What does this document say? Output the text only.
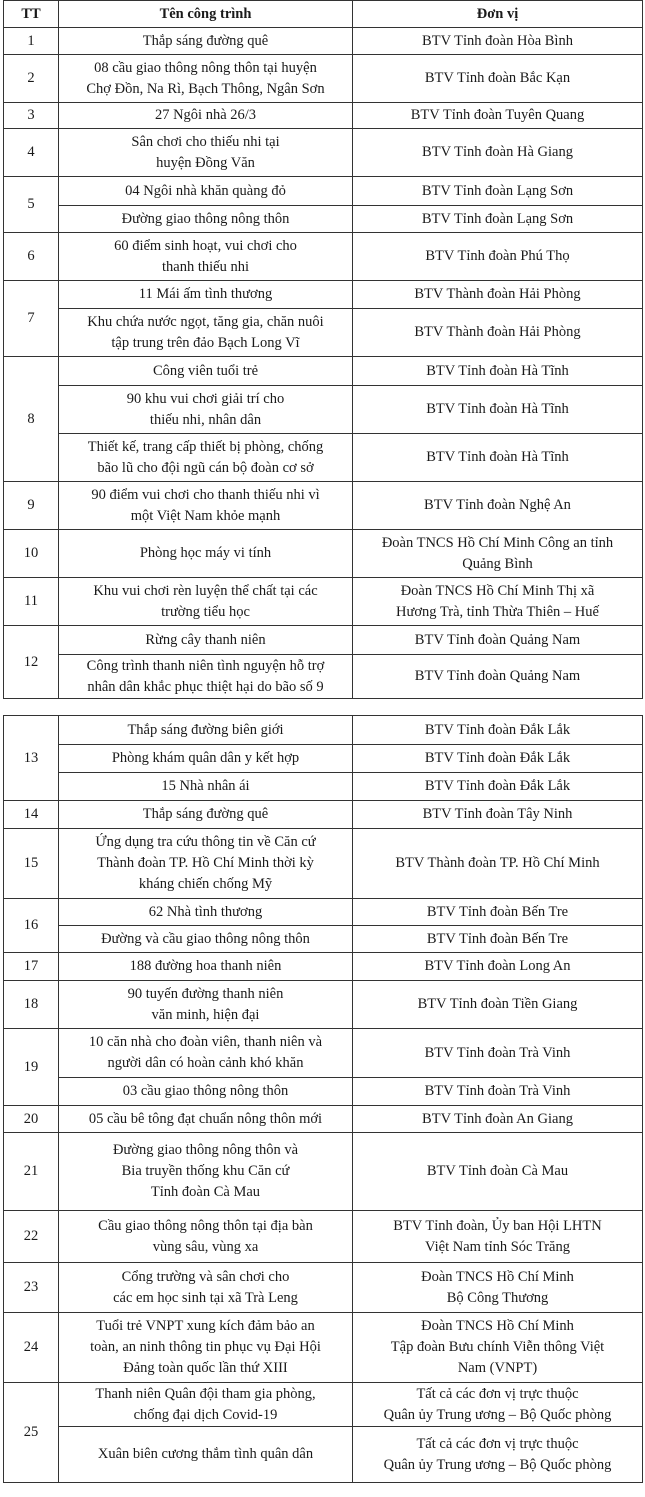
TT	Tên công trình	Đơn vị
1	Thắp sáng đường quê	BTV Tỉnh đoàn Hòa Bình

2	08 cầu giao thông nông thôn tại huyện
Chợ Đồn, Na Rì, Bạch Thông, Ngân Sơn	BTV Tỉnh đoàn Bắc Kạn

3	27 Ngôi nhà 26/3	BTV Tỉnh đoàn Tuyên Quang

4	Sân chơi cho thiếu nhi tại
huyện Đồng Văn	BTV Tỉnh đoàn Hà Giang

5	04 Ngôi nhà khăn quàng đỏ	BTV Tỉnh đoàn Lạng Sơn

	Đường giao thông nông thôn	BTV Tỉnh đoàn Lạng Sơn

6	60 điểm sinh hoạt, vui chơi cho
thanh thiếu nhi	BTV Tỉnh đoàn Phú Thọ

7	11 Mái ấm tình thương	BTV Thành đoàn Hải Phòng

	Khu chứa nước ngọt, tăng gia, chăn nuôi
tập trung trên đảo Bạch Long Vĩ	BTV Thành đoàn Hải Phòng

8	Công viên tuổi trẻ	BTV Tỉnh đoàn Hà Tĩnh

	90 khu vui chơi giải trí cho
thiếu nhi, nhân dân	BTV Tỉnh đoàn Hà Tĩnh

	Thiết kế, trang cấp thiết bị phòng, chống
bão lũ cho đội ngũ cán bộ đoàn cơ sở	BTV Tỉnh đoàn Hà Tĩnh

9	90 điểm vui chơi cho thanh thiếu nhi vì
một Việt Nam khỏe mạnh	BTV Tỉnh đoàn Nghệ An

10	Phòng học máy vi tính	Đoàn TNCS Hồ Chí Minh Công an tỉnh
Quảng Bình

11	Khu vui chơi rèn luyện thể chất tại các
trường tiểu học	Đoàn TNCS Hồ Chí Minh Thị xã
Hương Trà, tỉnh Thừa Thiên – Huế

12	Rừng cây thanh niên	BTV Tỉnh đoàn Quảng Nam

	Công trình thanh niên tình nguyện hỗ trợ
nhân dân khắc phục thiệt hại do bão số 9	BTV Tỉnh đoàn Quảng Nam
13	Thắp sáng đường biên giới	BTV Tỉnh đoàn Đắk Lắk

	Phòng khám quân dân y kết hợp	BTV Tỉnh đoàn Đắk Lắk

	15 Nhà nhân ái	BTV Tỉnh đoàn Đắk Lắk

14	Thắp sáng đường quê	BTV Tỉnh đoàn Tây Ninh

15	Ứng dụng tra cứu thông tin về Căn cứ
Thành đoàn TP. Hồ Chí Minh thời kỳ
kháng chiến chống Mỹ	BTV Thành đoàn TP. Hồ Chí Minh

16	62 Nhà tình thương	BTV Tỉnh đoàn Bến Tre

	Đường và cầu giao thông nông thôn	BTV Tỉnh đoàn Bến Tre

17	188 đường hoa thanh niên	BTV Tỉnh đoàn Long An

18	90 tuyến đường thanh niên
văn minh, hiện đại	BTV Tỉnh đoàn Tiền Giang

19	10 căn nhà cho đoàn viên, thanh niên và
người dân có hoàn cảnh khó khăn	BTV Tỉnh đoàn Trà Vinh

	03 cầu giao thông nông thôn	BTV Tỉnh đoàn Trà Vinh

20	05 cầu bê tông đạt chuẩn nông thôn mới	BTV Tỉnh đoàn An Giang

21	Đường giao thông nông thôn và
Bia truyền thống khu Căn cứ
Tỉnh đoàn Cà Mau	BTV Tỉnh đoàn Cà Mau

22	Cầu giao thông nông thôn tại địa bàn
vùng sâu, vùng xa	BTV Tỉnh đoàn, Ủy ban Hội LHTN
Việt Nam tỉnh Sóc Trăng

23	Cổng trường và sân chơi cho
các em học sinh tại xã Trà Leng	Đoàn TNCS Hồ Chí Minh
Bộ Công Thương

24	Tuổi trẻ VNPT xung kích đảm bảo an
toàn, an ninh thông tin phục vụ Đại Hội
Đảng toàn quốc lần thứ XIII	Đoàn TNCS Hồ Chí Minh
Tập đoàn Bưu chính Viễn thông Việt
Nam (VNPT)

25	Thanh niên Quân đội tham gia phòng,
chống đại dịch Covid-19	Tất cả các đơn vị trực thuộc
Quân ủy Trung ương – Bộ Quốc phòng

	Xuân biên cương thắm tình quân dân	Tất cả các đơn vị trực thuộc
Quân ủy Trung ương – Bộ Quốc phòng
